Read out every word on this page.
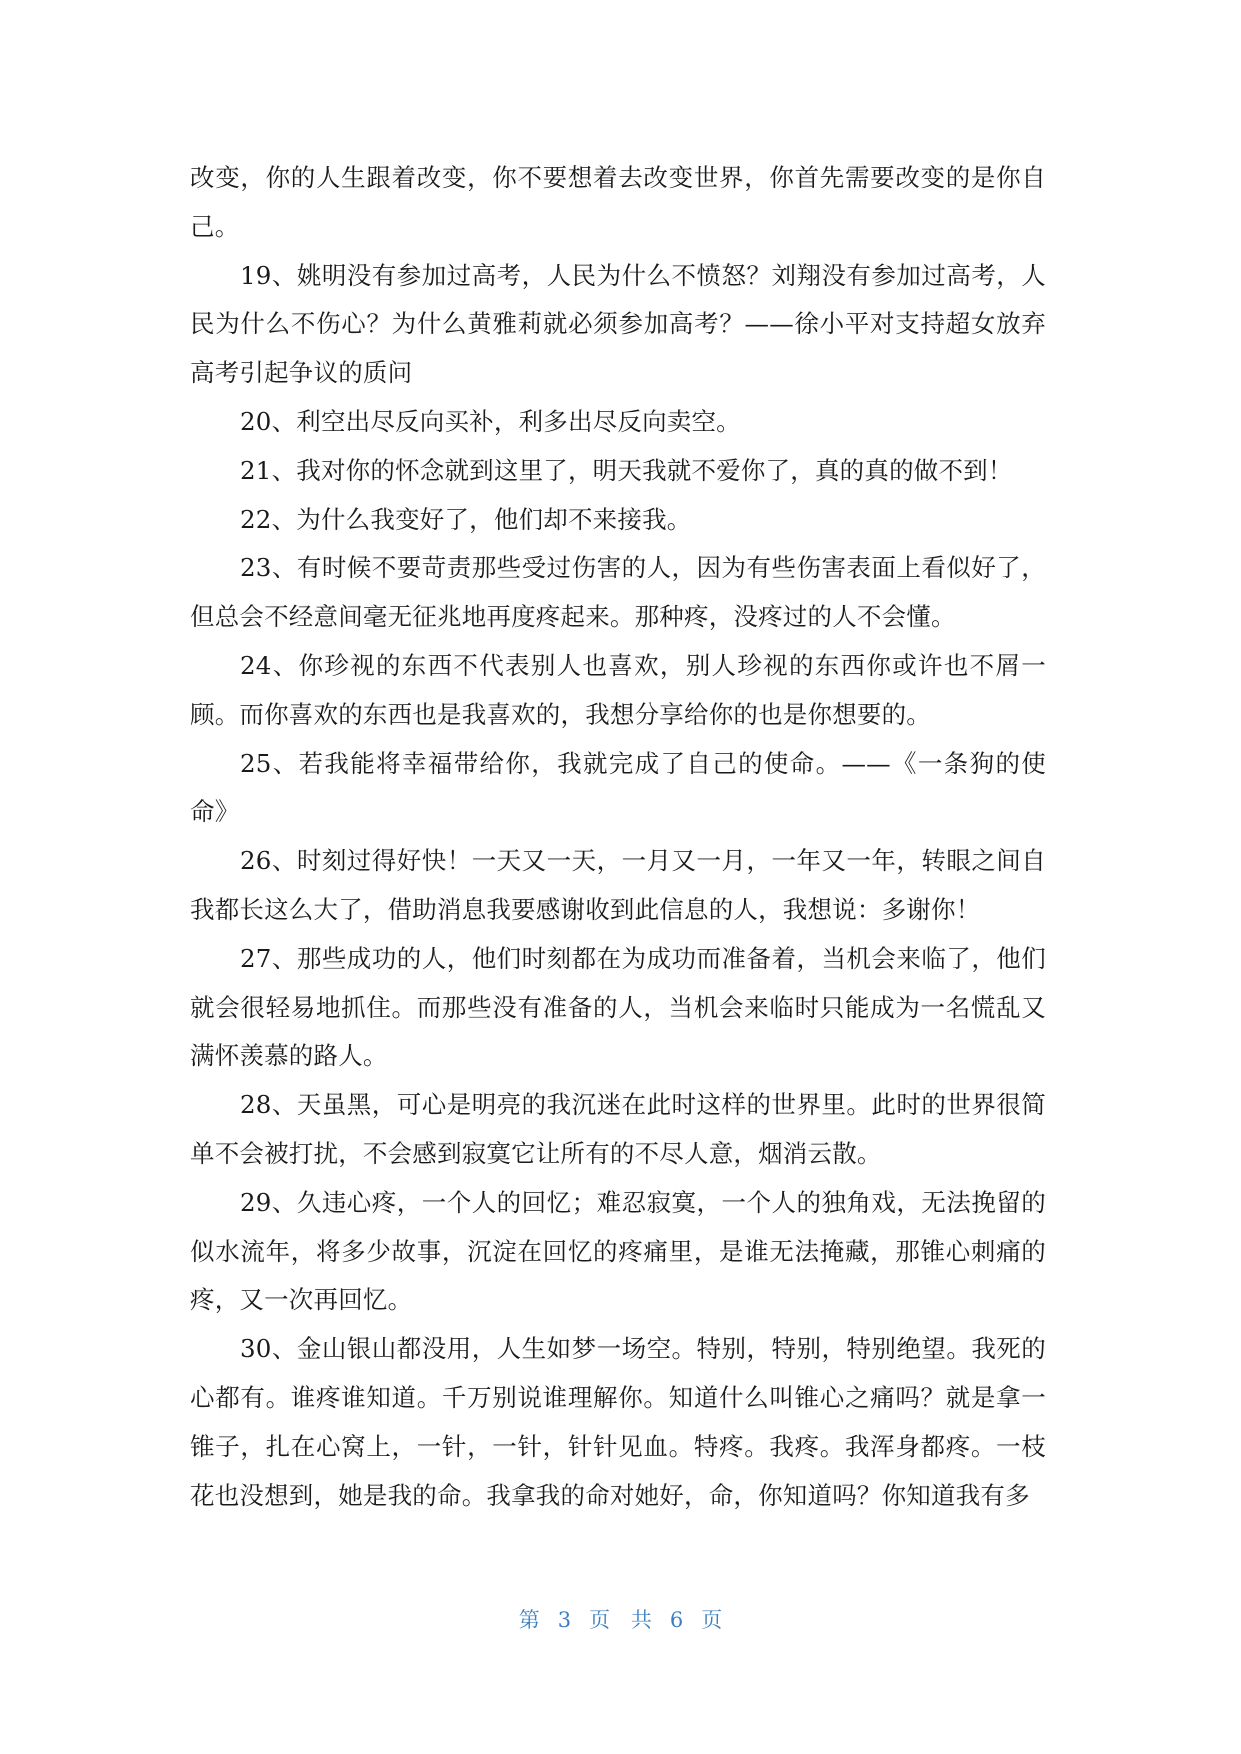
改变，你的人生跟着改变，你不要想着去改变世界，你首先需要改变的是你自己。

19、姚明没有参加过高考，人民为什么不愤怒？刘翔没有参加过高考，人民为什么不伤心？为什么黄雅莉就必须参加高考？——徐小平对支持超女放弃高考引起争议的质问

20、利空出尽反向买补，利多出尽反向卖空。

21、我对你的怀念就到这里了，明天我就不爱你了，真的真的做不到！

22、为什么我变好了，他们却不来接我。

23、有时候不要苛责那些受过伤害的人，因为有些伤害表面上看似好了，但总会不经意间毫无征兆地再度疼起来。那种疼，没疼过的人不会懂。

24、你珍视的东西不代表别人也喜欢，别人珍视的东西你或许也不屑一顾。而你喜欢的东西也是我喜欢的，我想分享给你的也是你想要的。

25、若我能将幸福带给你，我就完成了自己的使命。——《一条狗的使命》

26、时刻过得好快！一天又一天，一月又一月，一年又一年，转眼之间自我都长这么大了，借助消息我要感谢收到此信息的人，我想说：多谢你！

27、那些成功的人，他们时刻都在为成功而准备着，当机会来临了，他们就会很轻易地抓住。而那些没有准备的人，当机会来临时只能成为一名慌乱又满怀羡慕的路人。

28、天虽黑，可心是明亮的我沉迷在此时这样的世界里。此时的世界很简单不会被打扰，不会感到寂寞它让所有的不尽人意，烟消云散。

29、久违心疼，一个人的回忆；难忍寂寞，一个人的独角戏，无法挽留的似水流年，将多少故事，沉淀在回忆的疼痛里，是谁无法掩藏，那锥心刺痛的疼，又一次再回忆。

30、金山银山都没用，人生如梦一场空。特别，特别，特别绝望。我死的心都有。谁疼谁知道。千万别说谁理解你。知道什么叫锥心之痛吗？就是拿一锥子，扎在心窝上，一针，一针，针针见血。特疼。我疼。我浑身都疼。一枝花也没想到，她是我的命。我拿我的命对她好，命，你知道吗？你知道我有多

第 3 页 共 6 页
